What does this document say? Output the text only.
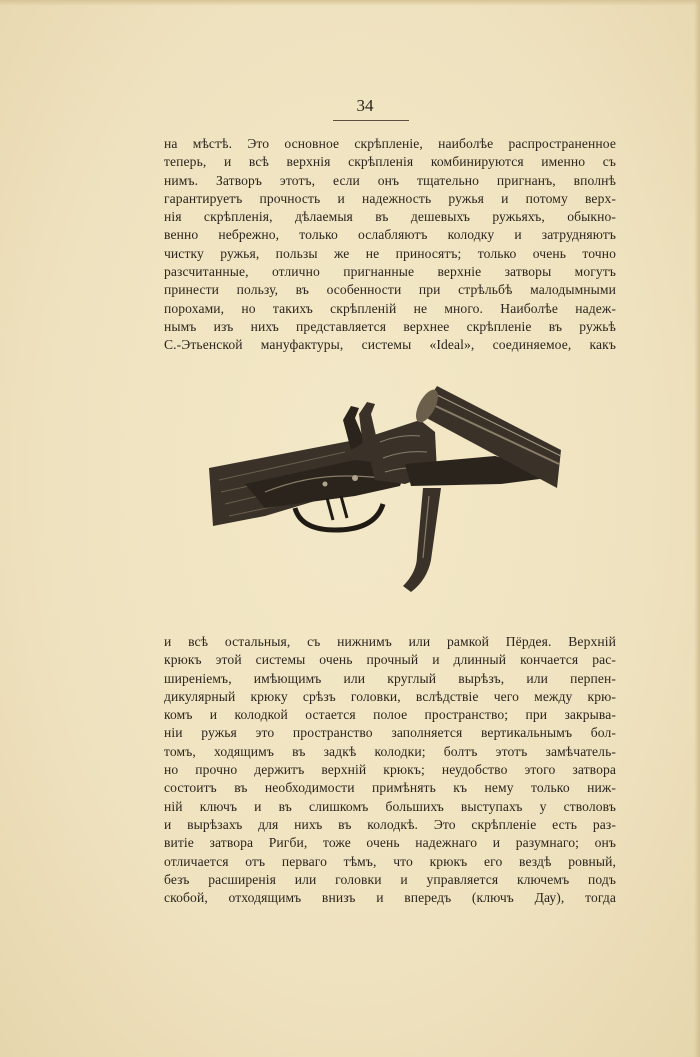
34
на мѣстѣ. Это основное скрѣпленіе, наиболѣе распространенное
теперь, и всѣ верхнія скрѣпленія комбинируются именно съ
нимъ. Затворъ этотъ, если онъ тщательно пригнанъ, вполнѣ
гарантируетъ прочность и надежность ружья и потому верх-
нія скрѣпленія, дѣлаемыя въ дешевыхъ ружьяхъ, обыкно-
венно небрежно, только ослабляютъ колодку и затрудняютъ
чистку ружья, пользы же не приносятъ; только очень точно
разсчитанные, отлично пригнанные верхніе затворы могутъ
принести пользу, въ особенности при стрѣльбѣ малодымными
порохами, но такихъ скрѣпленій не много. Наиболѣе надеж-
нымъ изъ нихъ представляется верхнее скрѣпленіе въ ружьѣ
С.-Этьенской мануфактуры, системы «Ideal», соединяемое, какъ
и всѣ остальныя, съ нижнимъ или рамкой Пёрдея. Верхній
крюкъ этой системы очень прочный и длинный кончается рас-
ширеніемъ, имѣющимъ или круглый вырѣзъ, или перпен-
дикулярный крюку срѣзъ головки, вслѣдствіе чего между крю-
комъ и колодкой остается полое пространство; при закрыва-
ніи ружья это пространство заполняется вертикальнымъ бол-
томъ, ходящимъ въ задкѣ колодки; болтъ этотъ замѣчатель-
но прочно держитъ верхній крюкъ; неудобство этого затвора
состоитъ въ необходимости примѣнять къ нему только ниж-
ній ключъ и въ слишкомъ большихъ выступахъ у стволовъ
и вырѣзахъ для нихъ въ колодкѣ. Это скрѣпленіе есть раз-
витіе затвора Ригби, тоже очень надежнаго и разумнаго; онъ
отличается отъ перваго тѣмъ, что крюкъ его вездѣ ровный,
безъ расширенія или головки и управляется ключемъ подъ
скобой, отходящимъ внизъ и впередъ (ключъ Дау), тогда
